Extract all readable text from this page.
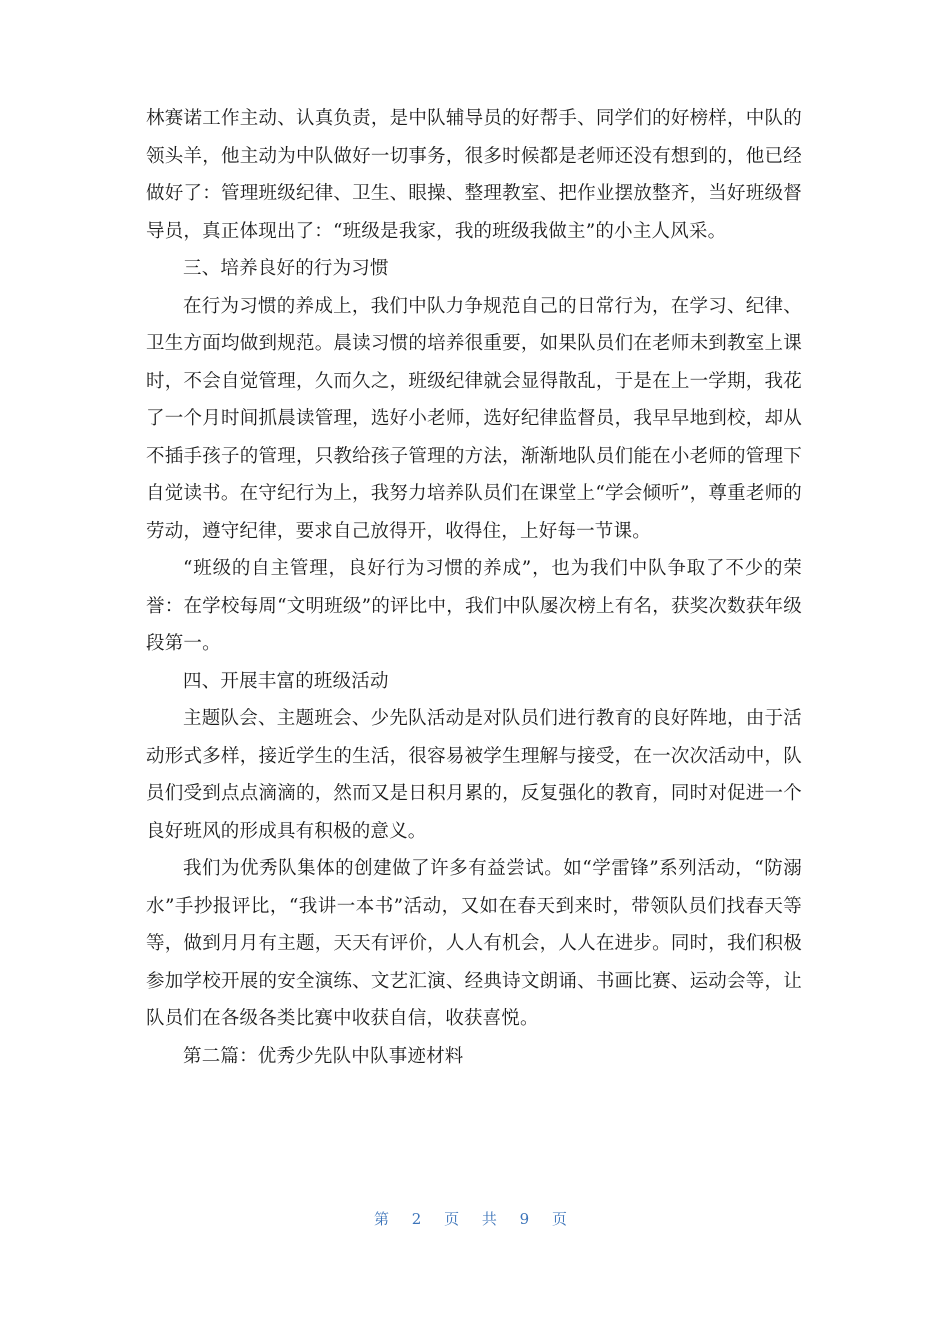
林赛诺工作主动、认真负责，是中队辅导员的好帮手、同学们的好榜样，中队的领头羊，他主动为中队做好一切事务，很多时候都是老师还没有想到的，他已经做好了：管理班级纪律、卫生、眼操、整理教室、把作业摆放整齐，当好班级督导员，真正体现出了：“班级是我家，我的班级我做主”的小主人风采。

三、培养良好的行为习惯

在行为习惯的养成上，我们中队力争规范自己的日常行为，在学习、纪律、卫生方面均做到规范。晨读习惯的培养很重要，如果队员们在老师未到教室上课时，不会自觉管理，久而久之，班级纪律就会显得散乱，于是在上一学期，我花了一个月时间抓晨读管理，选好小老师，选好纪律监督员，我早早地到校，却从不插手孩子的管理，只教给孩子管理的方法，渐渐地队员们能在小老师的管理下自觉读书。在守纪行为上，我努力培养队员们在课堂上“学会倾听”，尊重老师的劳动，遵守纪律，要求自己放得开，收得住，上好每一节课。

“班级的自主管理，良好行为习惯的养成”，也为我们中队争取了不少的荣誉：在学校每周“文明班级”的评比中，我们中队屡次榜上有名，获奖次数获年级段第一。

四、开展丰富的班级活动

主题队会、主题班会、少先队活动是对队员们进行教育的良好阵地，由于活动形式多样，接近学生的生活，很容易被学生理解与接受，在一次次活动中，队员们受到点点滴滴的，然而又是日积月累的，反复强化的教育，同时对促进一个良好班风的形成具有积极的意义。

我们为优秀队集体的创建做了许多有益尝试。如“学雷锋”系列活动，“防溺水”手抄报评比，“我讲一本书”活动，又如在春天到来时，带领队员们找春天等等，做到月月有主题，天天有评价，人人有机会，人人在进步。同时，我们积极参加学校开展的安全演练、文艺汇演、经典诗文朗诵、书画比赛、运动会等，让队员们在各级各类比赛中收获自信，收获喜悦。

第二篇：优秀少先队中队事迹材料

第 2 页 共 9 页
